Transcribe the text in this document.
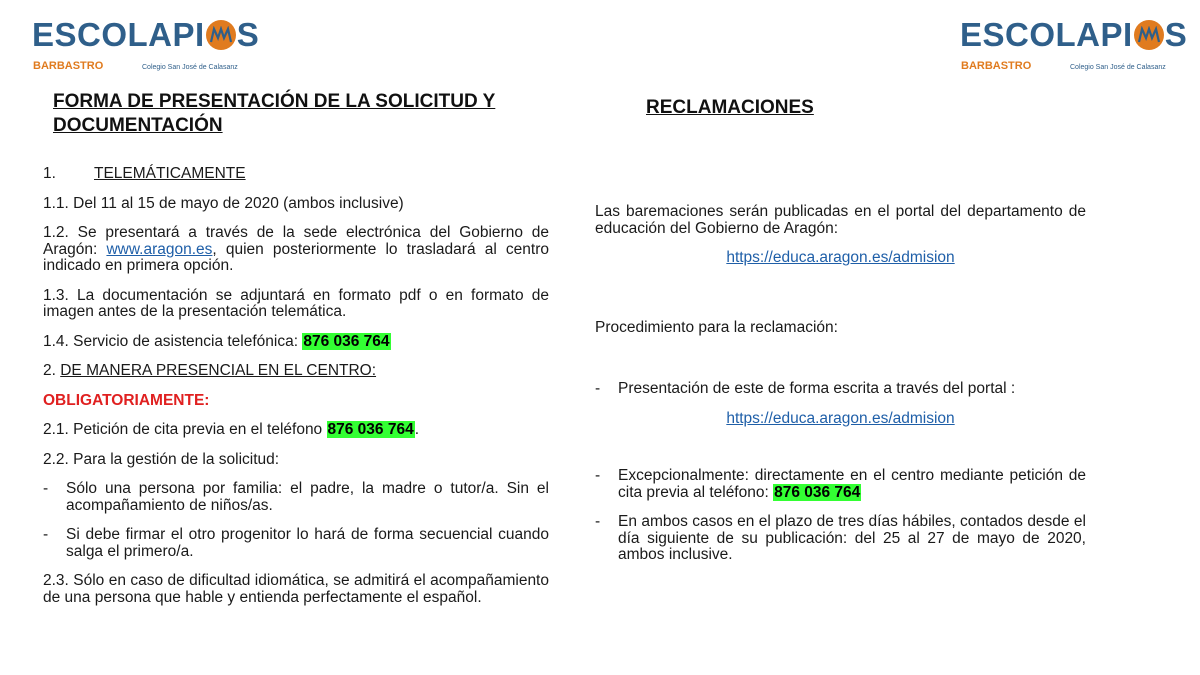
ESCOLAPI S
BARBASTRO	Colegio San José de Calasanz
ESCOLAPI S
BARBASTRO	Colegio San José de Calasanz
FORMA DE PRESENTACIÓN DE LA SOLICITUD Y
DOCUMENTACIÓN
RECLAMACIONES
1. TELEMÁTICAMENTE
1.1. Del 11 al 15 de mayo de 2020 (ambos inclusive)
1.2. Se presentará a través de la sede electrónica del Gobierno de Aragón: www.aragon.es, quien posteriormente lo trasladará al centro indicado en primera opción.
1.3. La documentación se adjuntará en formato pdf o en formato de imagen antes de la presentación telemática.
1.4. Servicio de asistencia telefónica: 876 036 764
2. DE MANERA PRESENCIAL EN EL CENTRO:
OBLIGATORIAMENTE:
2.1. Petición de cita previa en el teléfono 876 036 764.
2.2. Para la gestión de la solicitud:
-	Sólo una persona por familia: el padre, la madre o tutor/a. Sin el acompañamiento de niños/as.
-	Si debe firmar el otro progenitor lo hará de forma secuencial cuando salga el primero/a.
2.3. Sólo en caso de dificultad idiomática, se admitirá el acompañamiento de una persona que hable y entienda perfectamente el español.
Las baremaciones serán publicadas en el portal del departamento de educación del Gobierno de Aragón:
https://educa.aragon.es/admision
Procedimiento para la reclamación:
-	Presentación de este de forma escrita a través del portal :
https://educa.aragon.es/admision
-	Excepcionalmente: directamente en el centro mediante petición de cita previa al teléfono: 876 036 764
-	En ambos casos en el plazo de tres días hábiles, contados desde el día siguiente de su publicación: del 25 al 27 de mayo de 2020, ambos inclusive.
